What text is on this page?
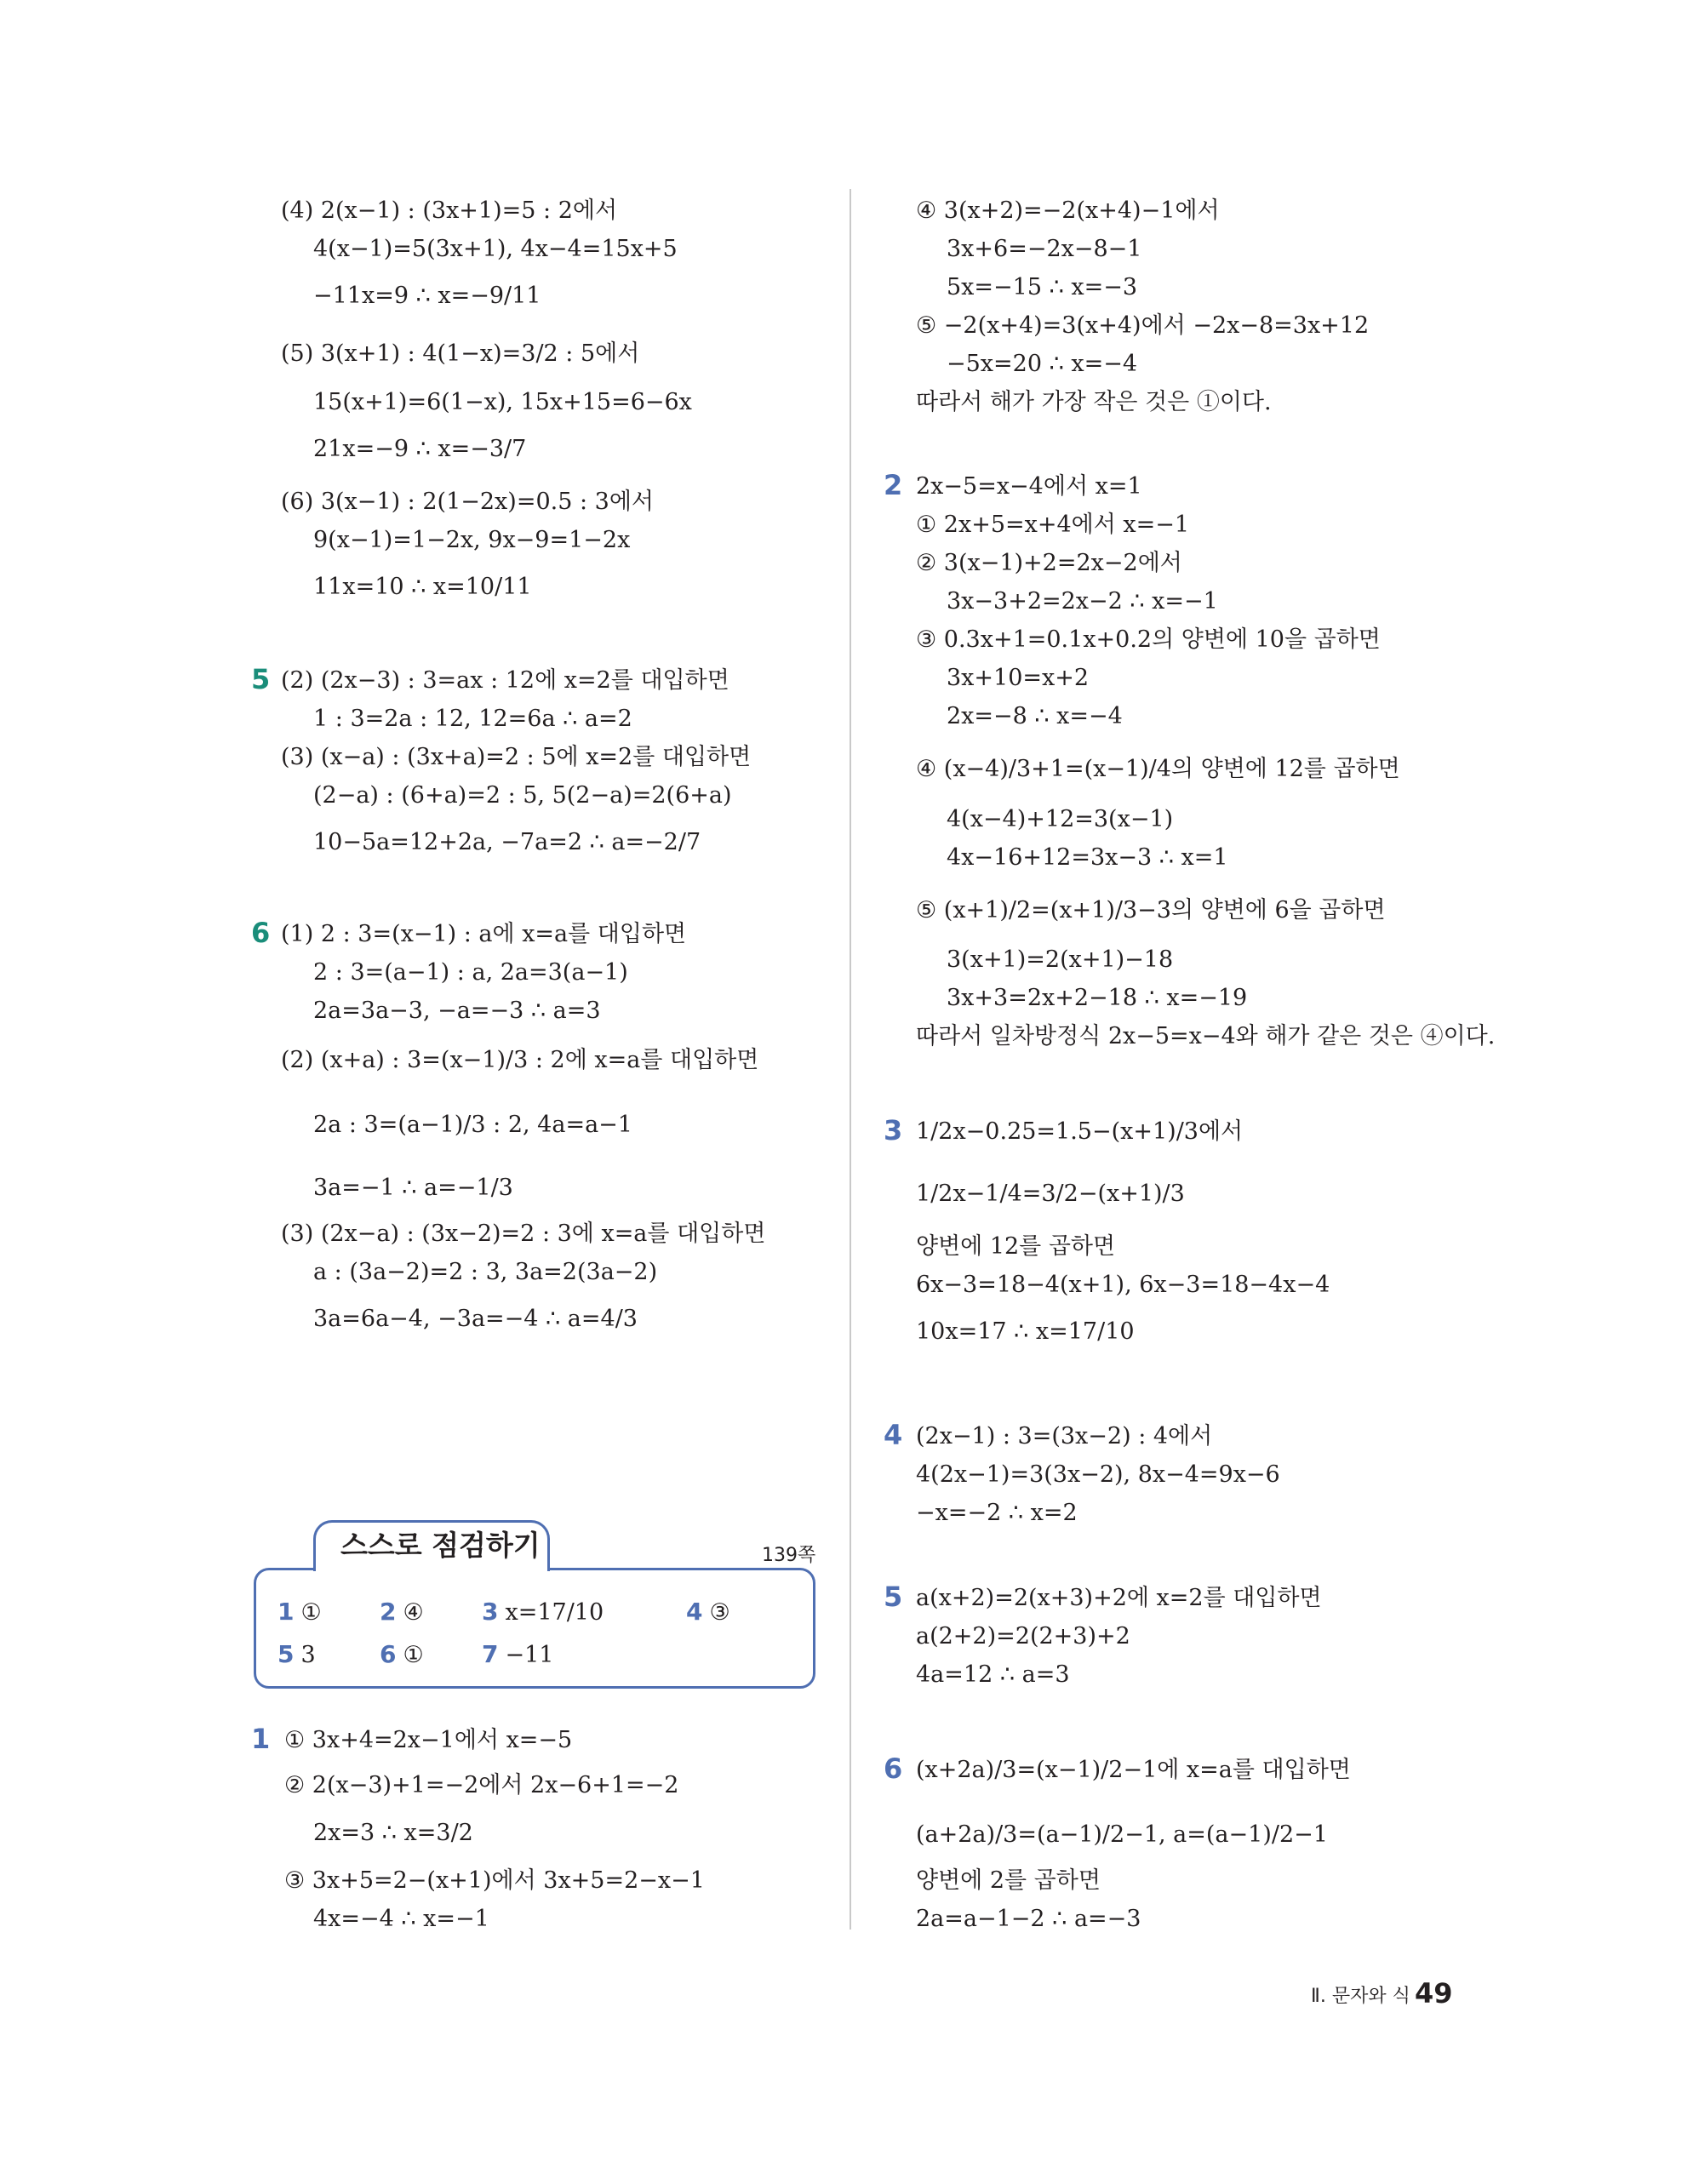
(4) 2(x−1) : (3x+1)=5 : 2에서
4(x−1)=5(3x+1), 4x−4=15x+5
−11x=9 ∴ x=−9/11
(5) 3(x+1) : 4(1−x)=3/2 : 5에서
15(x+1)=6(1−x), 15x+15=6−6x
21x=−9 ∴ x=−3/7
(6) 3(x−1) : 2(1−2x)=0.5 : 3에서
9(x−1)=1−2x, 9x−9=1−2x
11x=10 ∴ x=10/11
5 (2) (2x−3) : 3=ax : 12에 x=2를 대입하면
1 : 3=2a : 12, 12=6a ∴ a=2
(3) (x−a) : (3x+a)=2 : 5에 x=2를 대입하면
(2−a) : (6+a)=2 : 5, 5(2−a)=2(6+a)
10−5a=12+2a, −7a=2 ∴ a=−2/7
6 (1) 2 : 3=(x−1) : a에 x=a를 대입하면
2 : 3=(a−1) : a, 2a=3(a−1)
2a=3a−3, −a=−3 ∴ a=3
(2) (x+a) : 3=(x−1)/3 : 2에 x=a를 대입하면
2a : 3=(a−1)/3 : 2, 4a=a−1
3a=−1 ∴ a=−1/3
(3) (2x−a) : (3x−2)=2 : 3에 x=a를 대입하면
a : (3a−2)=2 : 3, 3a=2(3a−2)
3a=6a−4, −3a=−4 ∴ a=4/3
스스로 점검하기	139쪽
1 ① 2 ④ 3 x=17/10	4 ③
5 3	6 ① 7 −11
1 ① 3x+4=2x−1에서 x=−5
② 2(x−3)+1=−2에서 2x−6+1=−2
2x=3 ∴ x=3/2
③ 3x+5=2−(x+1)에서 3x+5=2−x−1
4x=−4 ∴ x=−1
④ 3(x+2)=−2(x+4)−1에서
3x+6=−2x−8−1
5x=−15 ∴ x=−3
⑤ −2(x+4)=3(x+4)에서 −2x−8=3x+12
−5x=20 ∴ x=−4
따라서 해가 가장 작은 것은 ①이다.
2 2x−5=x−4에서 x=1
① 2x+5=x+4에서 x=−1
② 3(x−1)+2=2x−2에서
3x−3+2=2x−2 ∴ x=−1
③ 0.3x+1=0.1x+0.2의 양변에 10을 곱하면
3x+10=x+2
2x=−8 ∴ x=−4
④ (x−4)/3+1=(x−1)/4의 양변에 12를 곱하면
4(x−4)+12=3(x−1)
4x−16+12=3x−3 ∴ x=1
⑤ (x+1)/2=(x+1)/3−3의 양변에 6을 곱하면
3(x+1)=2(x+1)−18
3x+3=2x+2−18 ∴ x=−19
따라서 일차방정식 2x−5=x−4와 해가 같은 것은 ④이다.
3 1/2x−0.25=1.5−(x+1)/3에서
1/2x−1/4=3/2−(x+1)/3
양변에 12를 곱하면
6x−3=18−4(x+1), 6x−3=18−4x−4
10x=17 ∴ x=17/10
4 (2x−1) : 3=(3x−2) : 4에서
4(2x−1)=3(3x−2), 8x−4=9x−6
−x=−2 ∴ x=2
5 a(x+2)=2(x+3)+2에 x=2를 대입하면
a(2+2)=2(2+3)+2
4a=12 ∴ a=3
6 (x+2a)/3=(x−1)/2−1에 x=a를 대입하면
(a+2a)/3=(a−1)/2−1, a=(a−1)/2−1
양변에 2를 곱하면
2a=a−1−2 ∴ a=−3
Ⅱ. 문자와 식 49
